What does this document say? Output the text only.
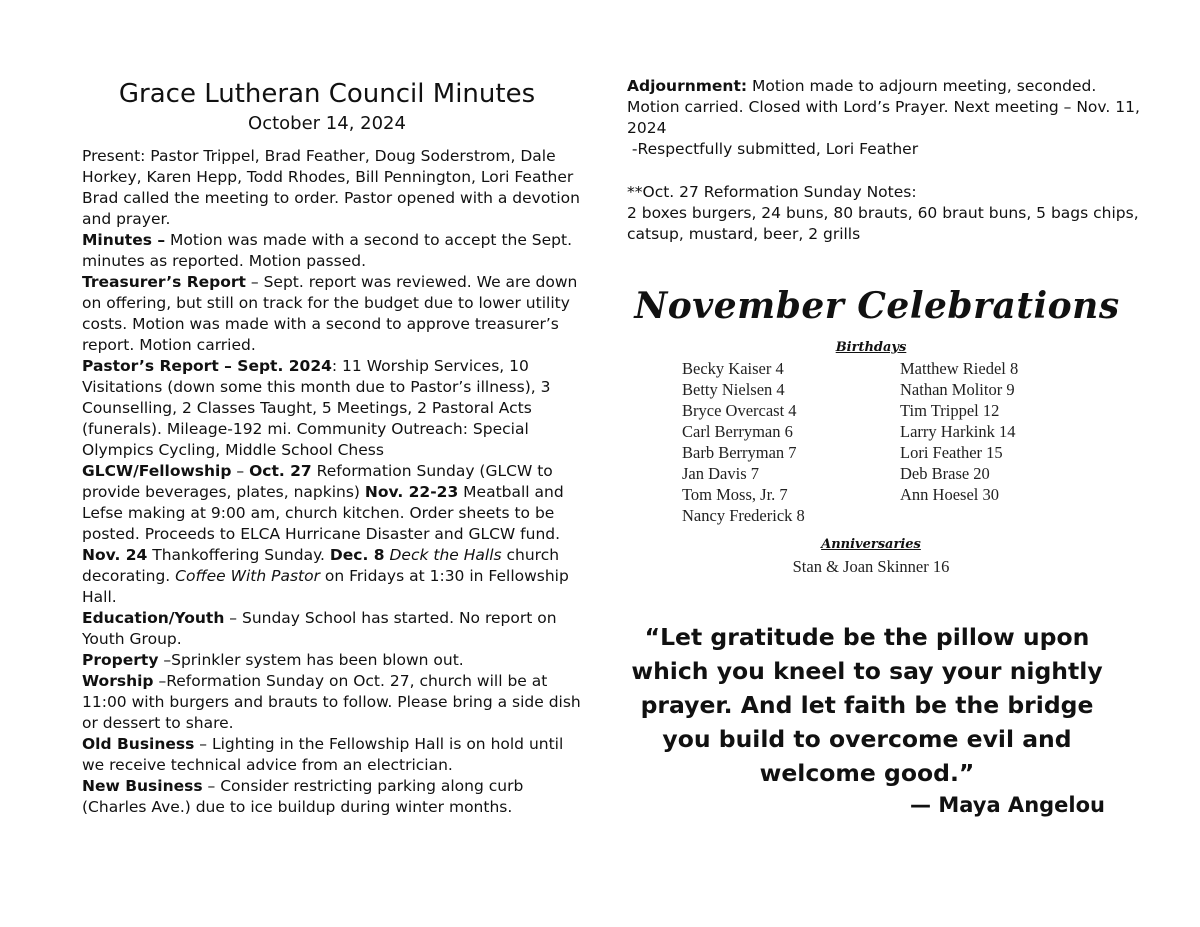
Grace Lutheran Council Minutes
October 14, 2024

Present: Pastor Trippel, Brad Feather, Doug Soderstrom, Dale Horkey, Karen Hepp, Todd Rhodes, Bill Pennington, Lori Feather

Brad called the meeting to order. Pastor opened with a devotion and prayer.

Minutes – Motion was made with a second to accept the Sept. minutes as reported. Motion passed.

Treasurer’s Report – Sept. report was reviewed. We are down on offering, but still on track for the budget due to lower utility costs. Motion was made with a second to approve treasurer’s report. Motion carried.

Pastor’s Report – Sept. 2024: 11 Worship Services, 10 Visitations (down some this month due to Pastor’s illness), 3 Counselling, 2 Classes Taught, 5 Meetings, 2 Pastoral Acts (funerals). Mileage-192 mi. Community Outreach: Special Olympics Cycling, Middle School Chess

GLCW/Fellowship – Oct. 27 Reformation Sunday (GLCW to provide beverages, plates, napkins) Nov. 22-23 Meatball and Lefse making at 9:00 am, church kitchen. Order sheets to be posted. Proceeds to ELCA Hurricane Disaster and GLCW fund.     Nov. 24 Thankoffering Sunday. Dec. 8 Deck the Halls church decorating. Coffee With Pastor on Fridays at 1:30 in Fellowship Hall.

Education/Youth – Sunday School has started. No report on Youth Group.

Property –Sprinkler system has been blown out.

Worship –Reformation Sunday on Oct. 27, church will be at 11:00 with burgers and brauts to follow. Please bring a side dish or dessert to share.

Old Business – Lighting in the Fellowship Hall is on hold until we receive technical advice from an electrician.

New Business – Consider restricting parking along curb (Charles Ave.) due to ice buildup during winter months.

Adjournment: Motion made to adjourn meeting, seconded. Motion carried. Closed with Lord’s Prayer. Next meeting – Nov. 11, 2024

-Respectfully submitted, Lori Feather

**Oct. 27 Reformation Sunday Notes:

2 boxes burgers, 24 buns, 80 brauts, 60 braut buns, 5 bags chips, catsup, mustard, beer, 2 grills

November Celebrations
Birthdays
Becky Kaiser 4
Betty Nielsen 4
Bryce Overcast 4
Carl Berryman 6
Barb Berryman 7
Jan Davis 7
Tom Moss, Jr. 7
Nancy Frederick 8
Matthew Riedel 8
Nathan Molitor 9
Tim Trippel 12
Larry Harkink 14
Lori Feather 15
Deb Brase 20
Ann Hoesel 30
Anniversaries
Stan & Joan Skinner 16
“Let gratitude be the pillow upon which you kneel to say your nightly prayer. And let faith be the bridge you build to overcome evil and welcome good.”
— Maya Angelou
